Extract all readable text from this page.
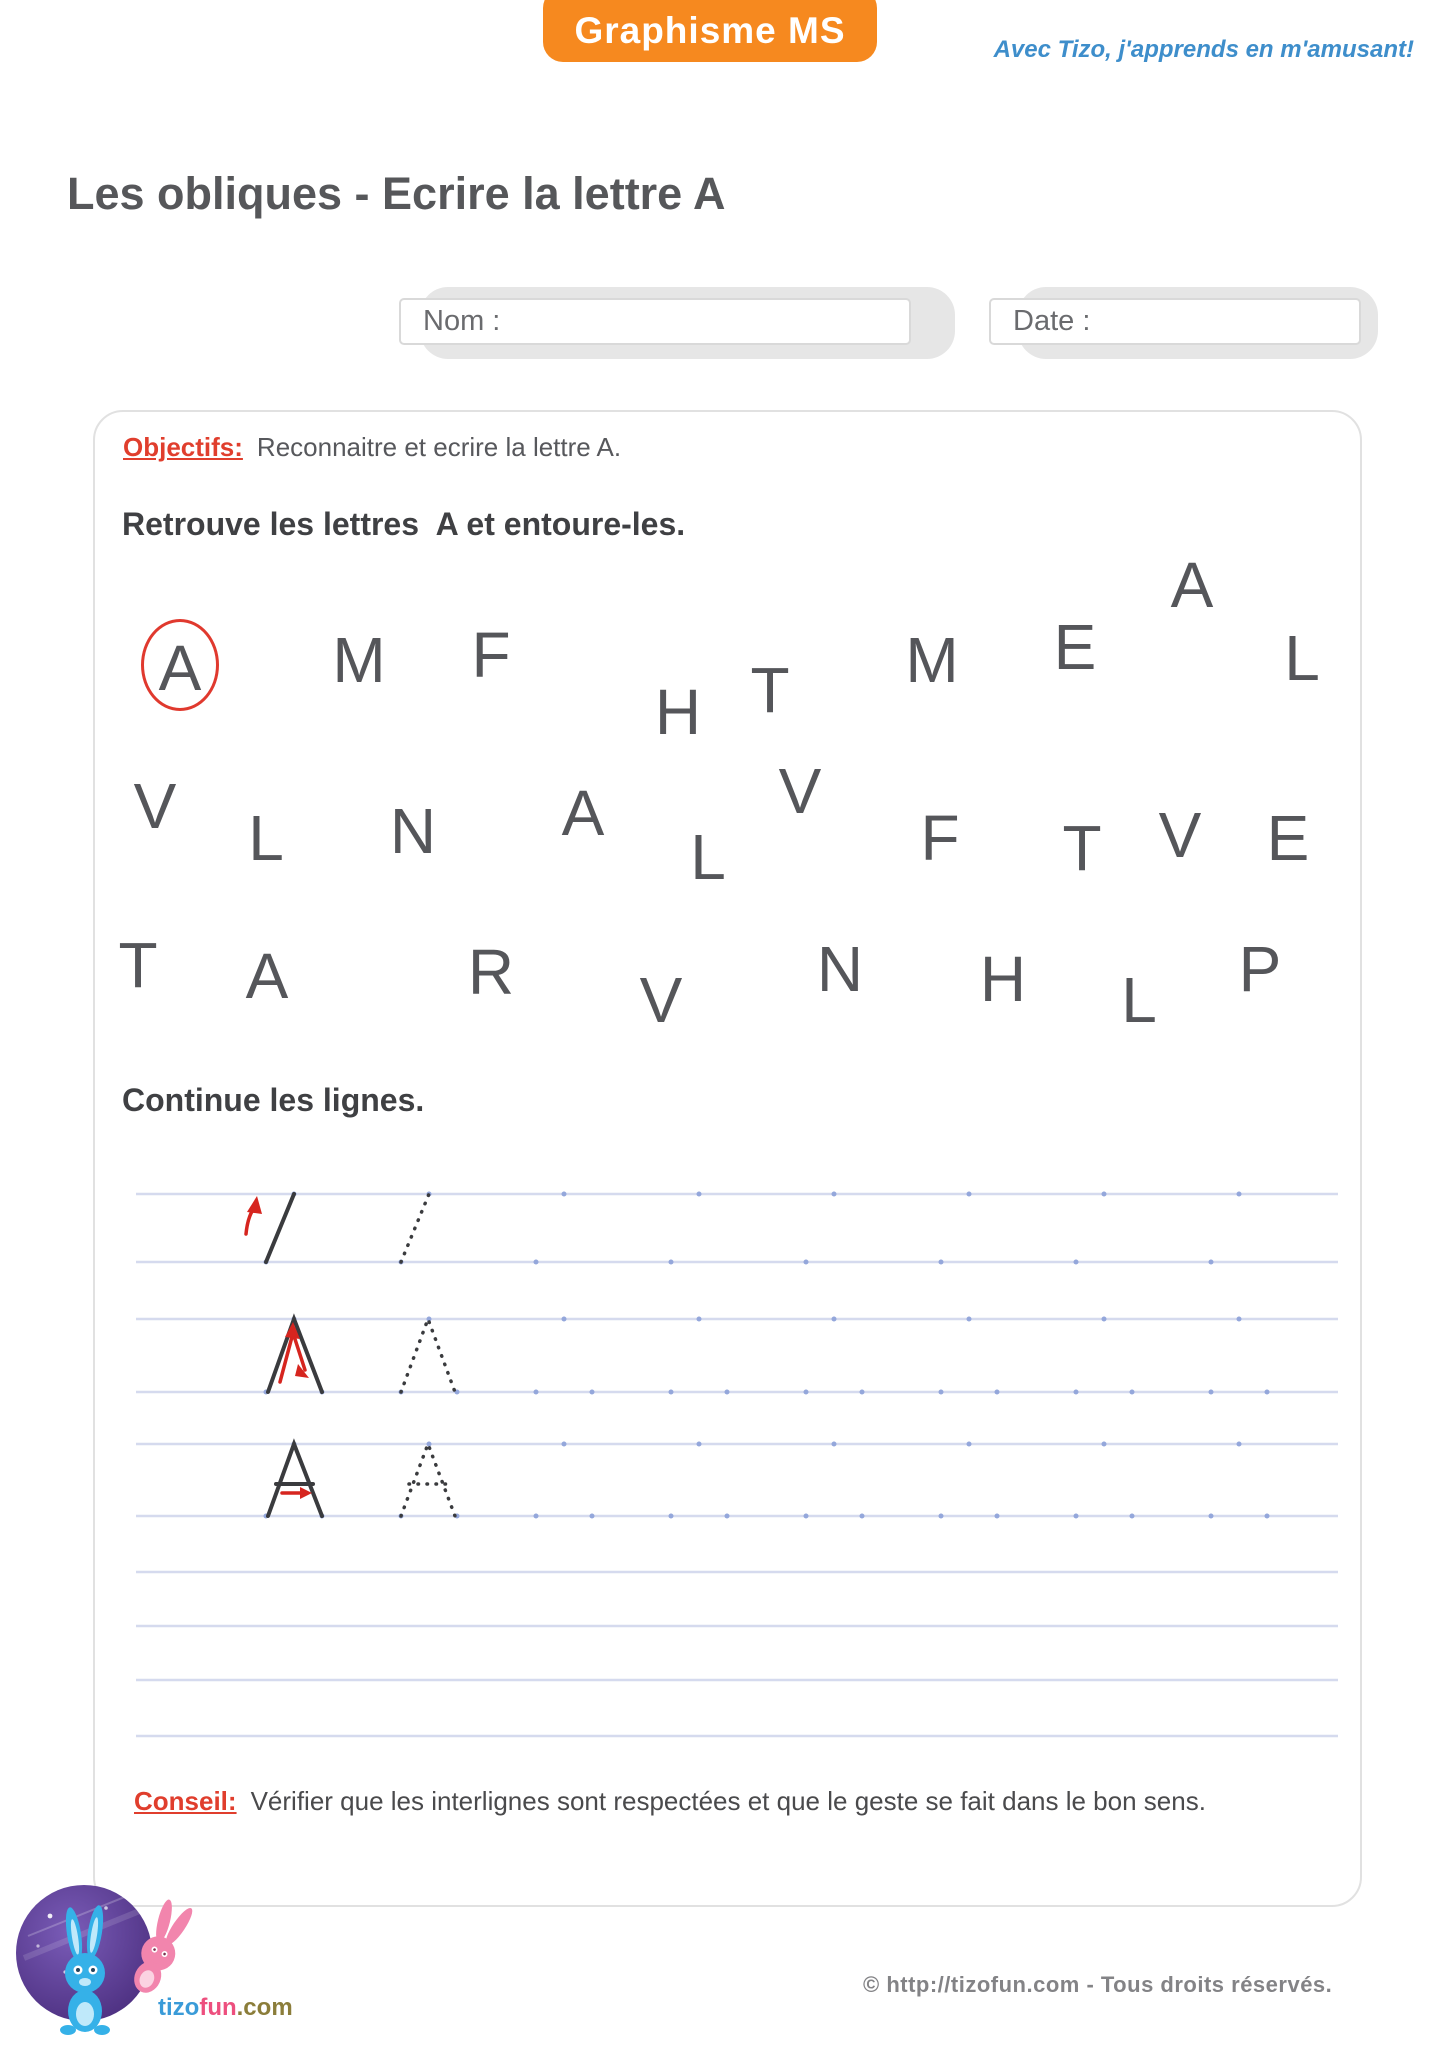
Graphisme MS	Avec Tizo, j'apprends en m'amusant!
Les obliques - Ecrire la lettre A
Nom :	Date :

Objectifs: Reconnaitre et ecrire la lettre A.

Retrouve les lettres  A et entoure-les.

A M F
H T M E
A
L
V L N A
L
V
F T V E
T A	R V N H L P

Continue les lignes.

Conseil: Vérifier que les interlignes sont respectées et que le geste se fait dans le bon sens.

tizofun.com
© http://tizofun.com - Tous droits réservés.
